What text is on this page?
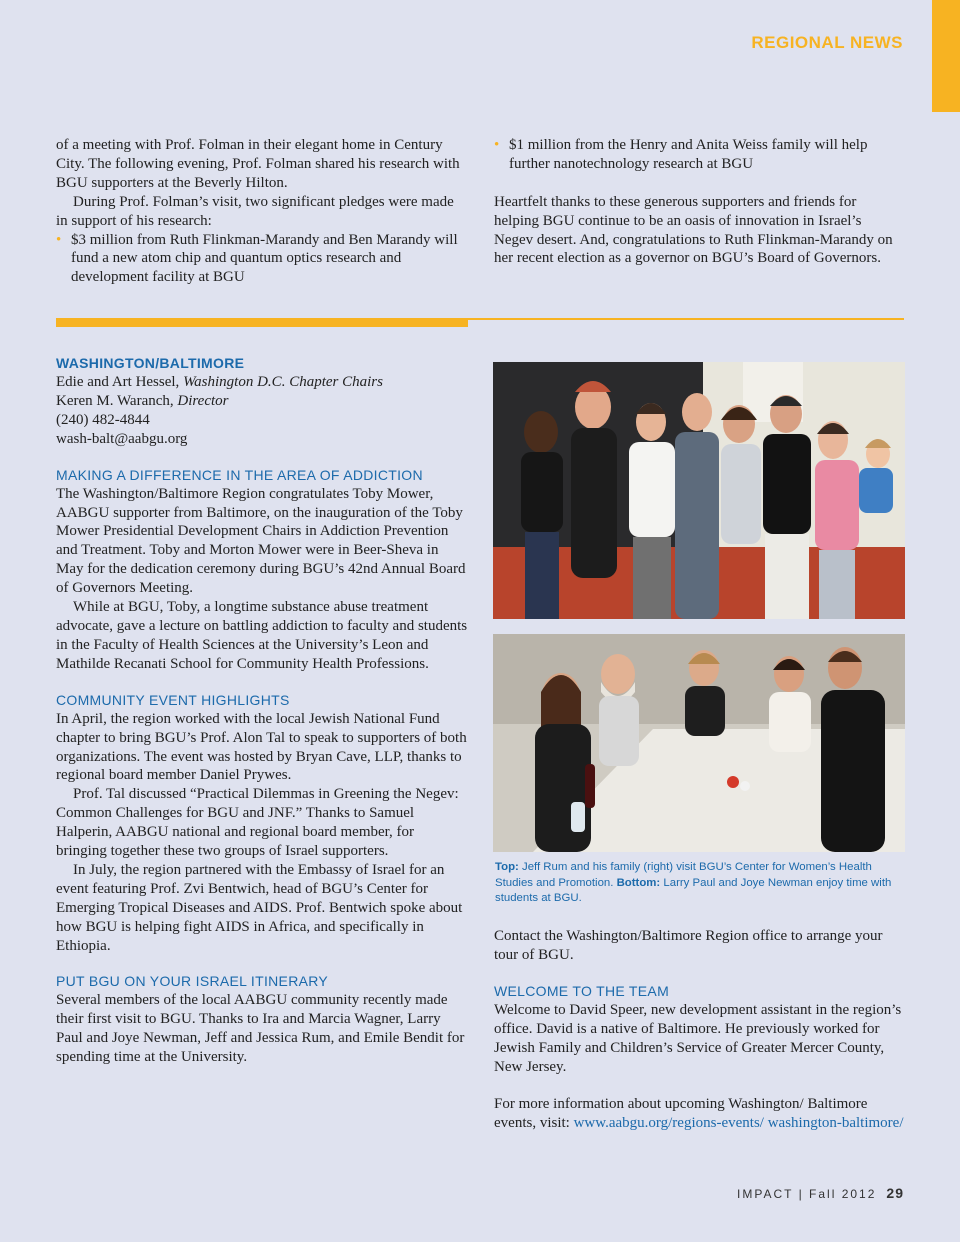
REGIONAL NEWS

of a meeting with Prof. Folman in their elegant home in Century City. The following evening, Prof. Folman shared his research with BGU supporters at the Beverly Hilton.

During Prof. Folman’s visit, two significant pledges were made in support of his research:

• $3 million from Ruth Flinkman-Marandy and Ben Marandy will fund a new atom chip and quantum optics research and development facility at BGU
• $1 million from the Henry and Anita Weiss family will help further nanotechnology research at BGU

Heartfelt thanks to these generous supporters and friends for helping BGU continue to be an oasis of innovation in Israel’s Negev desert. And, congratulations to Ruth Flinkman-Marandy on her recent election as a governor on BGU’s Board of Governors.

WASHINGTON/BALTIMORE

Edie and Art Hessel, Washington D.C. Chapter Chairs

Keren M. Waranch, Director

(240) 482-4844

wash-balt@aabgu.org

MAKING A DIFFERENCE IN THE AREA OF ADDICTION

The Washington/Baltimore Region congratulates Toby Mower, AABGU supporter from Baltimore, on the inauguration of the Toby Mower Presidential Development Chairs in Addiction Prevention and Treatment. Toby and Morton Mower were in Beer-Sheva in May for the dedication ceremony during BGU’s 42nd Annual Board of Governors Meeting.

While at BGU, Toby, a longtime substance abuse treatment advocate, gave a lecture on battling addiction to faculty and students in the Faculty of Health Sciences at the University’s Leon and Mathilde Recanati School for Community Health Professions.

COMMUNITY EVENT HIGHLIGHTS

In April, the region worked with the local Jewish National Fund chapter to bring BGU’s Prof. Alon Tal to speak to supporters of both organizations. The event was hosted by Bryan Cave, LLP, thanks to regional board member Daniel Prywes.

Prof. Tal discussed “Practical Dilemmas in Greening the Negev: Common Challenges for BGU and JNF.” Thanks to Samuel Halperin, AABGU national and regional board member, for bringing together these two groups of Israel supporters.

In July, the region partnered with the Embassy of Israel for an event featuring Prof. Zvi Bentwich, head of BGU’s Center for Emerging Tropical Diseases and AIDS. Prof. Bentwich spoke about how BGU is helping fight AIDS in Africa, and specifically in Ethiopia.

PUT BGU ON YOUR ISRAEL ITINERARY

Several members of the local AABGU community recently made their first visit to BGU. Thanks to Ira and Marcia Wagner, Larry Paul and Joye Newman, Jeff and Jessica Rum, and Emile Bendit for spending time at the University.

Top: Jeff Rum and his family (right) visit BGU’s Center for Women’s Health Studies and Promotion. Bottom: Larry Paul and Joye Newman enjoy time with students at BGU.

Contact the Washington/Baltimore Region office to arrange your tour of BGU.

WELCOME TO THE TEAM

Welcome to David Speer, new development assistant in the region’s office. David is a native of Baltimore. He previously worked for Jewish Family and Children’s Service of Greater Mercer County, New Jersey.

For more information about upcoming Washington/ Baltimore events, visit: www.aabgu.org/regions-events/ washington-baltimore/

IMPACT | Fall 2012 29
